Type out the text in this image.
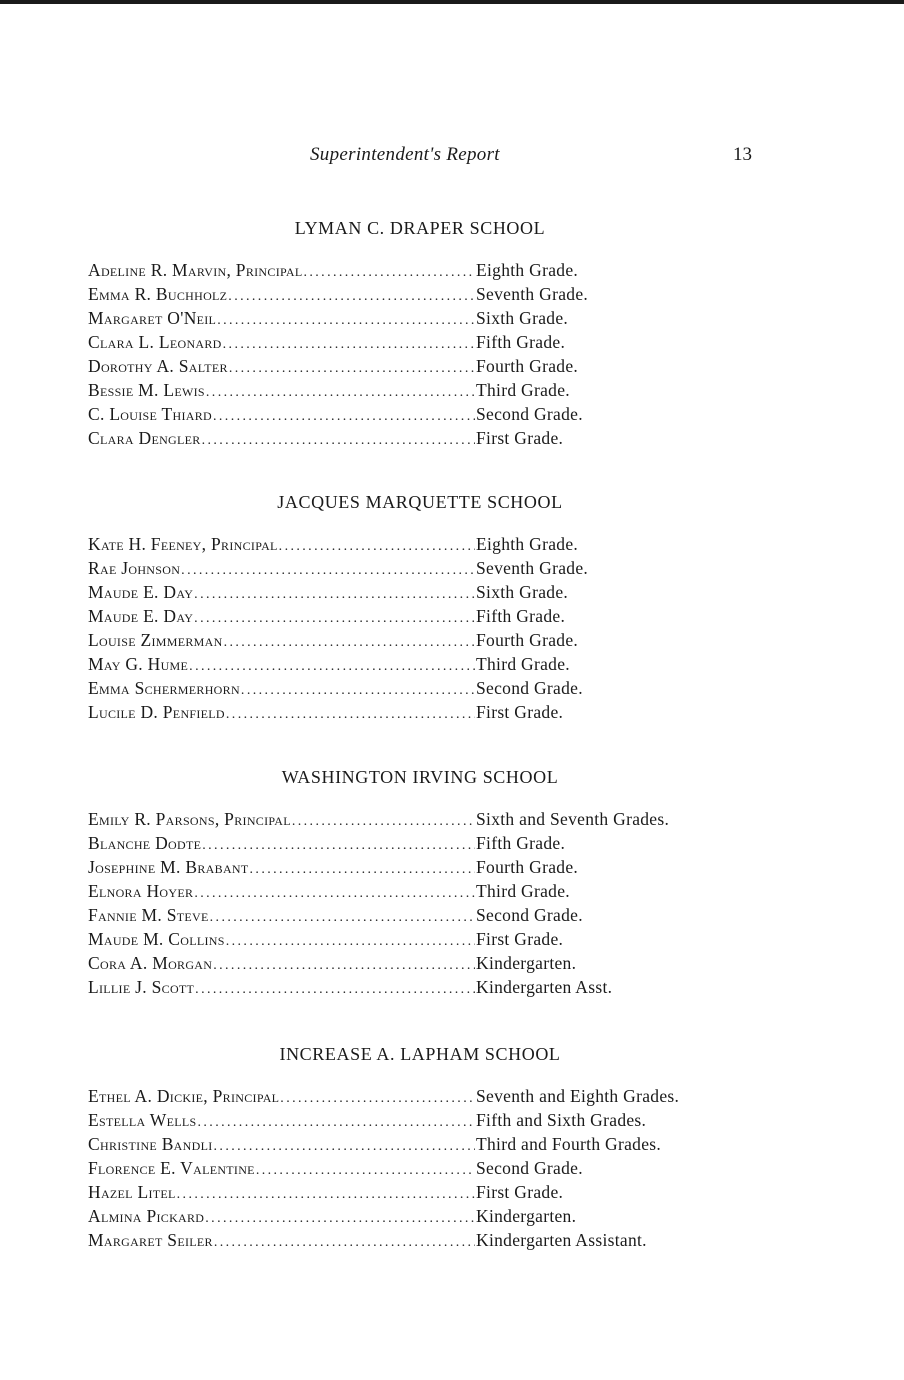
Superintendent's Report	13
LYMAN C. DRAPER SCHOOL
Adeline R. Marvin, Principal .....	Eighth Grade.
Emma R. Buchholz .....	Seventh Grade.
Margaret O'Neil .....	Sixth Grade.
Clara L. Leonard .....	Fifth Grade.
Dorothy A. Salter .....	Fourth Grade.
Bessie M. Lewis .....	Third Grade.
C. Louise Thiard .....	Second Grade.
Clara Dengler .....	First Grade.
JACQUES MARQUETTE SCHOOL
Kate H. Feeney, Principal .....	Eighth Grade.
Rae Johnson .....	Seventh Grade.
Maude E. Day .....	Sixth Grade.
Maude E. Day .....	Fifth Grade.
Louise Zimmerman .....	Fourth Grade.
May G. Hume .....	Third Grade.
Emma Schermerhorn .....	Second Grade.
Lucile D. Penfield .....	First Grade.
WASHINGTON IRVING SCHOOL
Emily R. Parsons, Principal .....	Sixth and Seventh Grades.
Blanche Dodte .....	Fifth Grade.
Josephine M. Brabant .....	Fourth Grade.
Elnora Hoyer .....	Third Grade.
Fannie M. Steve .....	Second Grade.
Maude M. Collins .....	First Grade.
Cora A. Morgan .....	Kindergarten.
Lillie J. Scott .....	Kindergarten Asst.
INCREASE A. LAPHAM SCHOOL
Ethel A. Dickie, Principal .....	Seventh and Eighth Grades.
Estella Wells .....	Fifth and Sixth Grades.
Christine Bandli .....	Third and Fourth Grades.
Florence E. Valentine .....	Second Grade.
Hazel Litel .....	First Grade.
Almina Pickard .....	Kindergarten.
Margaret Seiler .....	Kindergarten Assistant.
